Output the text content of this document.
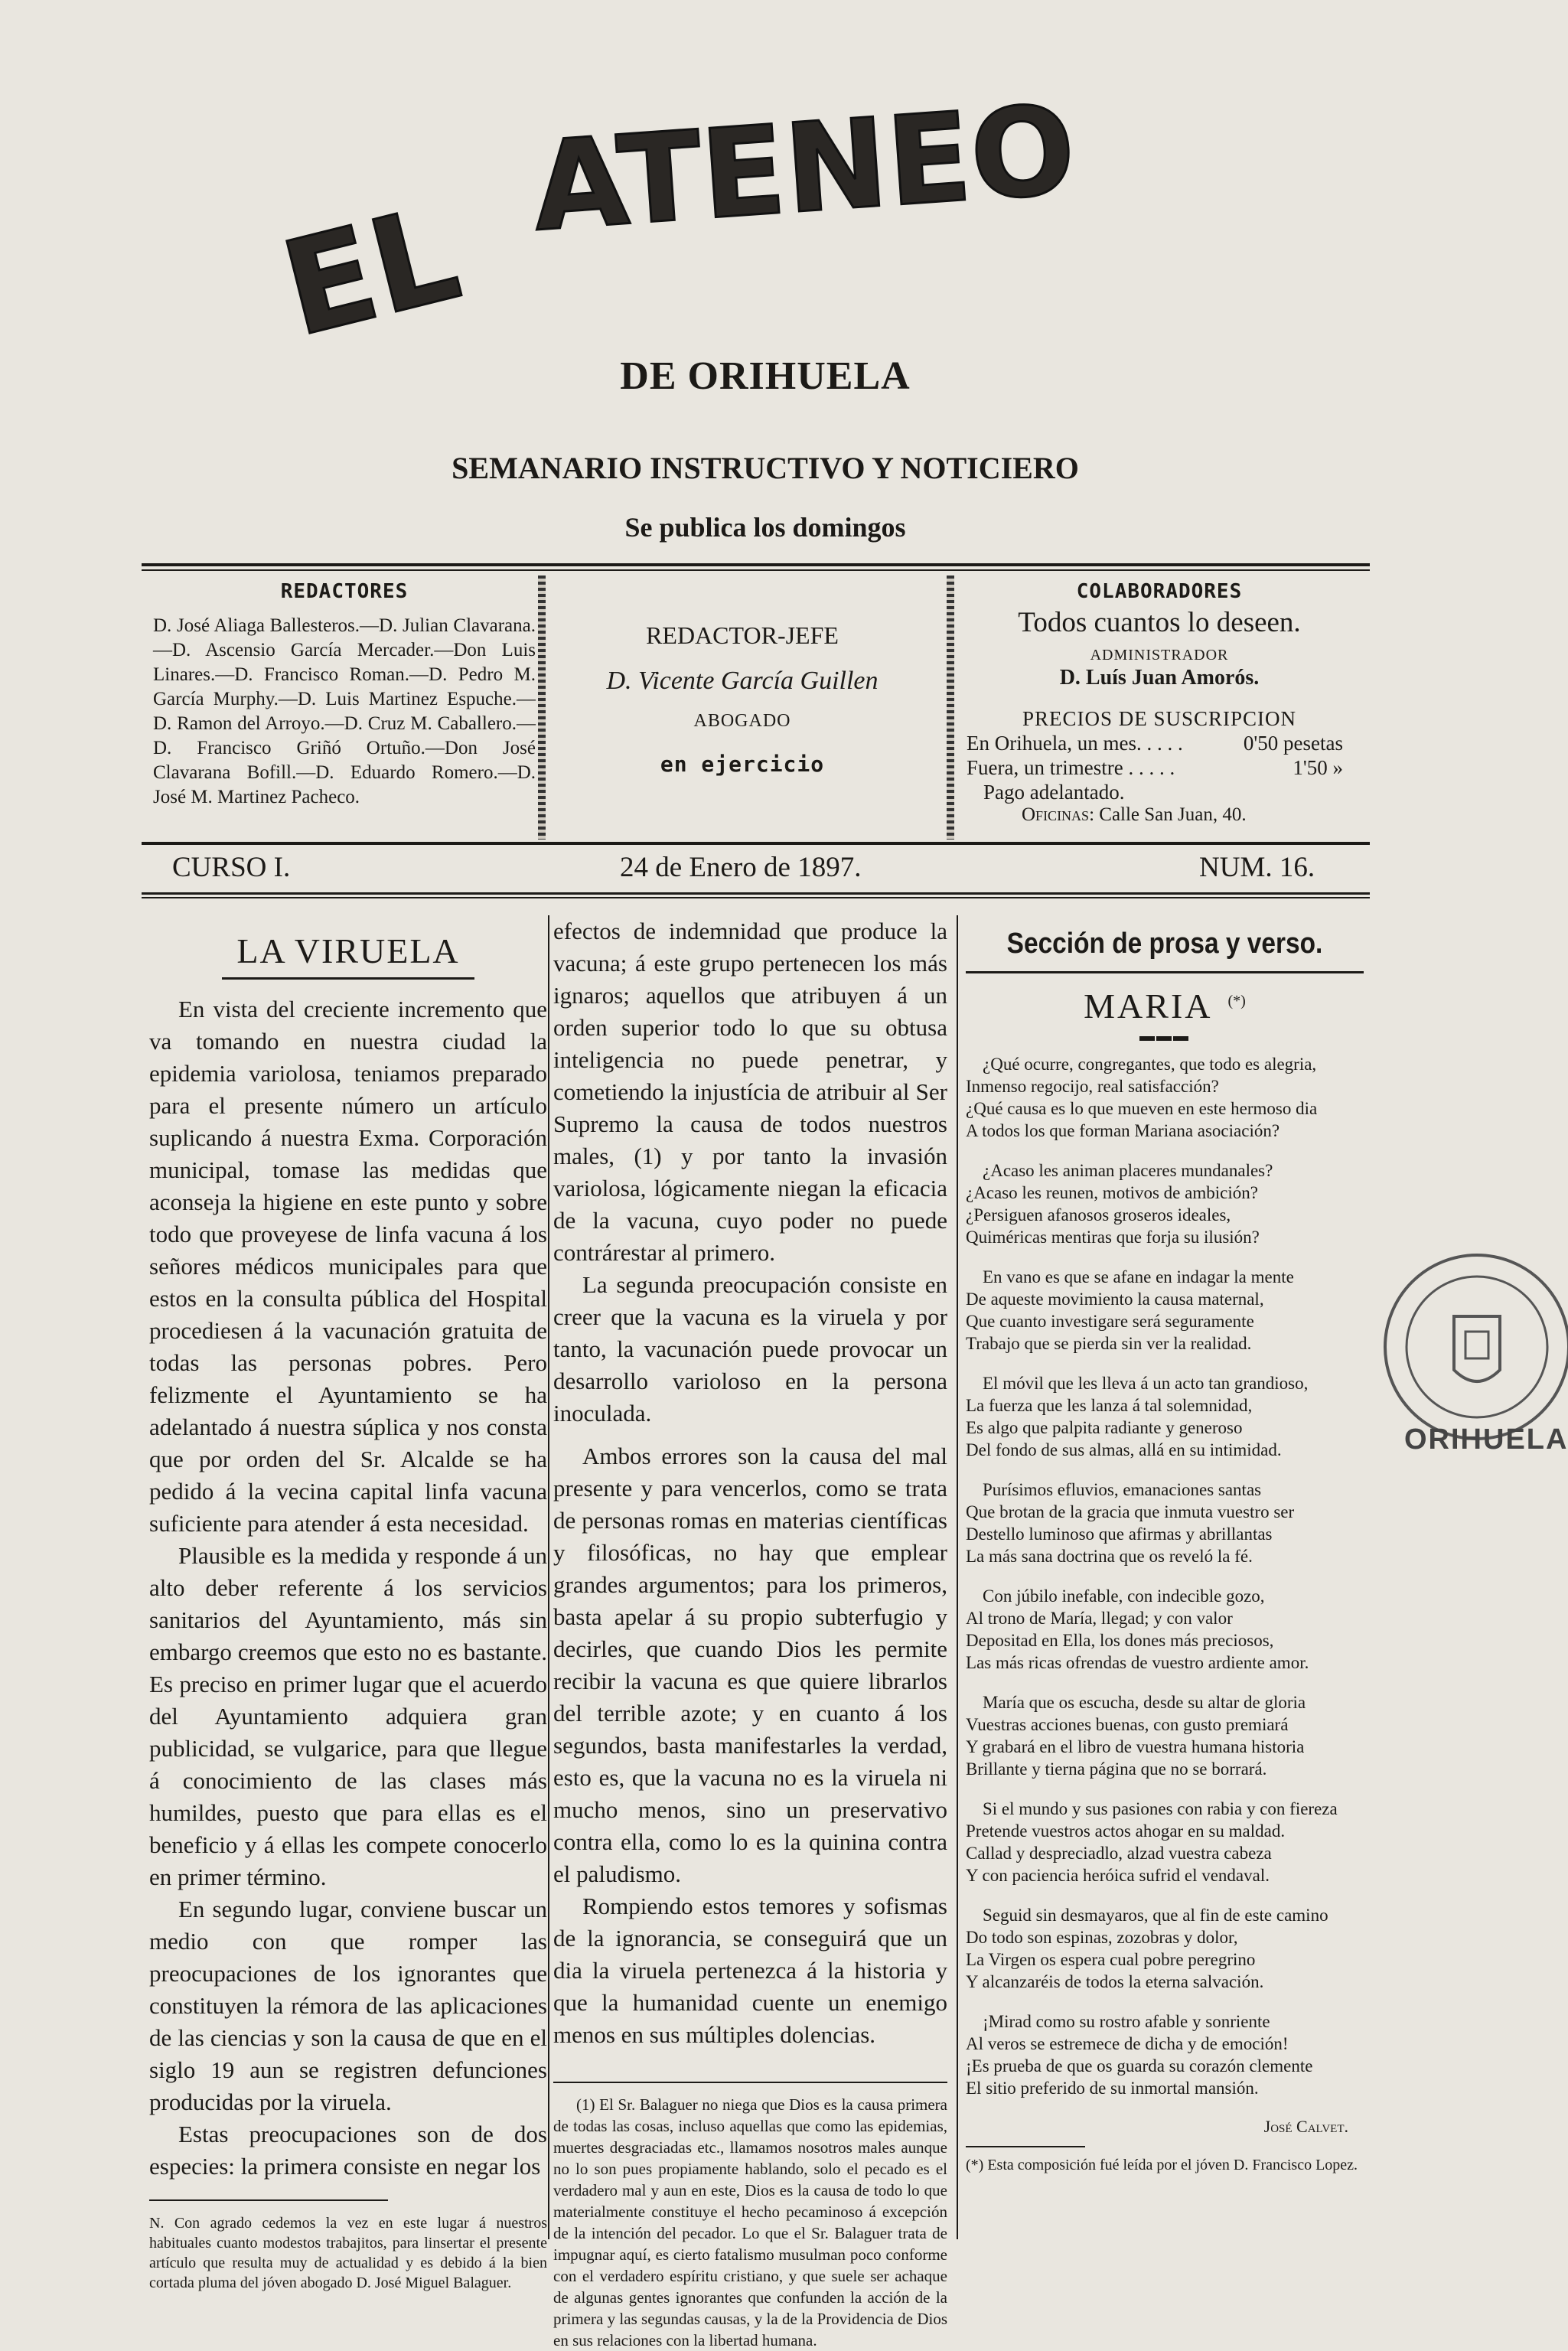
EL
ATENEO
DE ORIHUELA
SEMANARIO INSTRUCTIVO Y NOTICIERO
Se publica los domingos
REDACTORES
D. José Aliaga Ballesteros.—D. Julian Clavarana.—D. Ascensio García Mercader.—Don Luis Linares.—D. Francisco Roman.—D. Pedro M. García Murphy.—D. Luis Martinez Espuche.—D. Ramon del Arroyo.—D. Cruz M. Caballero.—D. Francisco Griñó Ortuño.—Don José Clavarana Bofill.—D. Eduardo Romero.—D. José M. Martinez Pacheco.
REDACTOR-JEFE
D. Vicente García Guillen
ABOGADO
en ejercicio
COLABORADORES
Todos cuantos lo deseen.
ADMINISTRADOR
D. Luís Juan Amorós.
PRECIOS DE SUSCRIPCION
En Orihuela, un mes. . . . .	0'50 pesetas
Fuera, un trimestre . . . . .	1'50 »
Pago adelantado.
Oficinas: Calle San Juan, 40.
CURSO I.	24 de Enero de 1897.	NUM. 16.
LA VIRUELA

En vista del creciente incremento que va tomando en nuestra ciudad la epidemia variolosa, teniamos preparado para el presente número un artículo suplicando á nuestra Exma. Corporación municipal, tomase las medidas que aconseja la higiene en este punto y sobre todo que proveyese de linfa vacuna á los señores médicos municipales para que estos en la consulta pública del Hospital procediesen á la vacunación gratuita de todas las personas pobres. Pero felizmente el Ayuntamiento se ha adelantado á nuestra súplica y nos consta que por orden del Sr. Alcalde se ha pedido á la vecina capital linfa vacuna suficiente para atender á esta necesidad.

Plausible es la medida y responde á un alto deber referente á los servicios sanitarios del Ayuntamiento, más sin embargo creemos que esto no es bastante. Es preciso en primer lugar que el acuerdo del Ayuntamiento adquiera gran publicidad, se vulgarice, para que llegue á conocimiento de las clases más humildes, puesto que para ellas es el beneficio y á ellas les compete conocerlo en primer término.

En segundo lugar, conviene buscar un medio con que romper las preocupaciones de los ignorantes que constituyen la rémora de las aplicaciones de las ciencias y son la causa de que en el siglo 19 aun se registren defunciones producidas por la viruela.

Estas preocupaciones son de dos especies: la primera consiste en negar los

N. Con agrado cedemos la vez en este lugar á nuestros habituales cuanto modestos trabajitos, para linsertar el presente artículo que resulta muy de actualidad y es debido á la bien cortada pluma del jóven abogado D. José Miguel Balaguer.

efectos de indemnidad que produce la vacuna; á este grupo pertenecen los más ignaros; aquellos que atribuyen á un orden superior todo lo que su obtusa inteligencia no puede penetrar, y cometiendo la injustícia de atribuir al Ser Supremo la causa de todos nuestros males, (1) y por tanto la invasión variolosa, lógicamente niegan la eficacia de la vacuna, cuyo poder no puede contrárestar al primero.

La segunda preocupación consiste en creer que la vacuna es la viruela y por tanto, la vacunación puede provocar un desarrollo varioloso en la persona inoculada.

Ambos errores son la causa del mal presente y para vencerlos, como se trata de personas romas en materias científicas y filosóficas, no hay que emplear grandes argumentos; para los primeros, basta apelar á su propio subterfugio y decirles, que cuando Dios les permite recibir la vacuna es que quiere librarlos del terrible azote; y en cuanto á los segundos, basta manifestarles la verdad, esto es, que la vacuna no es la viruela ni mucho menos, sino un preservativo contra ella, como lo es la quinina contra el paludismo.

Rompiendo estos temores y sofismas de la ignorancia, se conseguirá que un dia la viruela pertenezca á la historia y que la humanidad cuente un enemigo menos en sus múltiples dolencias.

(1) El Sr. Balaguer no niega que Dios es la causa primera de todas las cosas, incluso aquellas que como las epidemias, muertes desgraciadas etc., llamamos nosotros males aunque no lo son pues propiamente hablando, solo el pecado es el verdadero mal y aun en este, Dios es la causa de todo lo que materialmente constituye el hecho pecaminoso á excepción de la intención del pecador. Lo que el Sr. Balaguer trata de impugnar aquí, es cierto fatalismo musulman poco conforme con el verdadero espíritu cristiano, y que suele ser achaque de algunas gentes ignorantes que confunden la acción de la primera y las segundas causas, y la de la Providencia de Dios en sus relaciones con la libertad humana.
Sección de prosa y verso.
MARIA (*)
▬▬▬
¿Qué ocurre, congregantes, que todo es alegria,
Inmenso regocijo, real satisfacción?
¿Qué causa es lo que mueven en este hermoso dia
A todos los que forman Mariana asociación?
¿Acaso les animan placeres mundanales?
¿Acaso les reunen, motivos de ambición?
¿Persiguen afanosos groseros ideales,
Quiméricas mentiras que forja su ilusión?
En vano es que se afane en indagar la mente
De aqueste movimiento la causa maternal,
Que cuanto investigare será seguramente
Trabajo que se pierda sin ver la realidad.
El móvil que les lleva á un acto tan grandioso,
La fuerza que les lanza á tal solemnidad,
Es algo que palpita radiante y generoso
Del fondo de sus almas, allá en su intimidad.
Purísimos efluvios, emanaciones santas
Que brotan de la gracia que inmuta vuestro ser
Destello luminoso que afirmas y abrillantas
La más sana doctrina que os reveló la fé.
Con júbilo inefable, con indecible gozo,
Al trono de María, llegad; y con valor
Depositad en Ella, los dones más preciosos,
Las más ricas ofrendas de vuestro ardiente amor.
María que os escucha, desde su altar de gloria
Vuestras acciones buenas, con gusto premiará
Y grabará en el libro de vuestra humana historia
Brillante y tierna página que no se borrará.
Si el mundo y sus pasiones con rabia y con fiereza
Pretende vuestros actos ahogar en su maldad.
Callad y despreciadlo, alzad vuestra cabeza
Y con paciencia heróica sufrid el vendaval.
Seguid sin desmayaros, que al fin de este camino
Do todo son espinas, zozobras y dolor,
La Virgen os espera cual pobre peregrino
Y alcanzaréis de todos la eterna salvación.
¡Mirad como su rostro afable y sonriente
Al veros se estremece de dicha y de emoción!
¡Es prueba de que os guarda su corazón clemente
El sitio preferido de su inmortal mansión.
José Calvet.
(*) Esta composición fué leída por el jóven D. Francisco Lopez.
ORIHUELA
